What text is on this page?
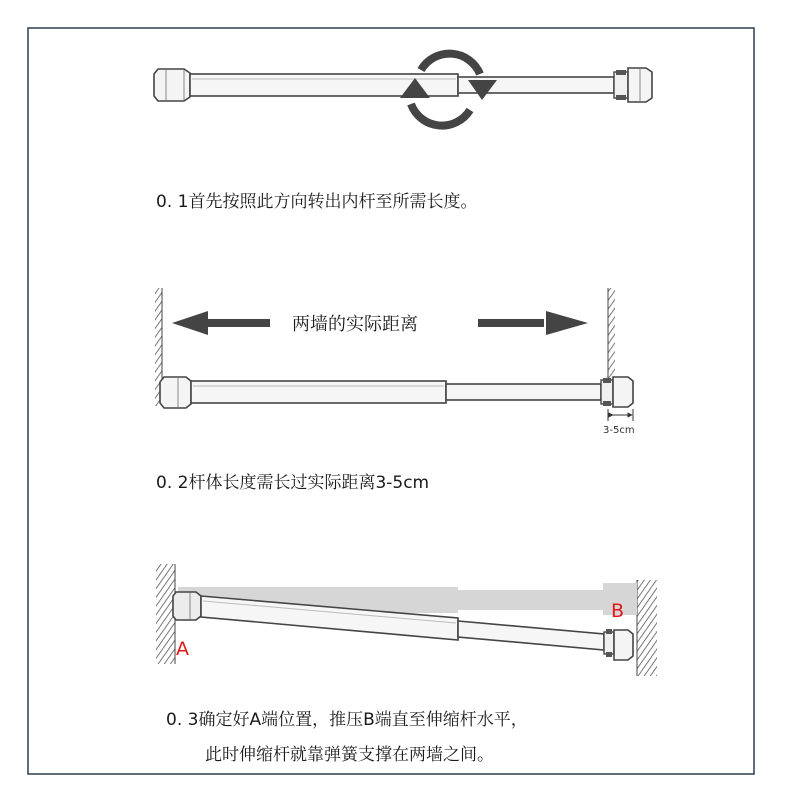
0. 1首先按照此方向转出内杆至所需长度。
两墙的实际距离
3-5cm
0. 2杆体长度需长过实际距离3-5cm
A
B
0. 3确定好A端位置，推压B端直至伸缩杆水平，
此时伸缩杆就靠弹簧支撑在两墙之间。
